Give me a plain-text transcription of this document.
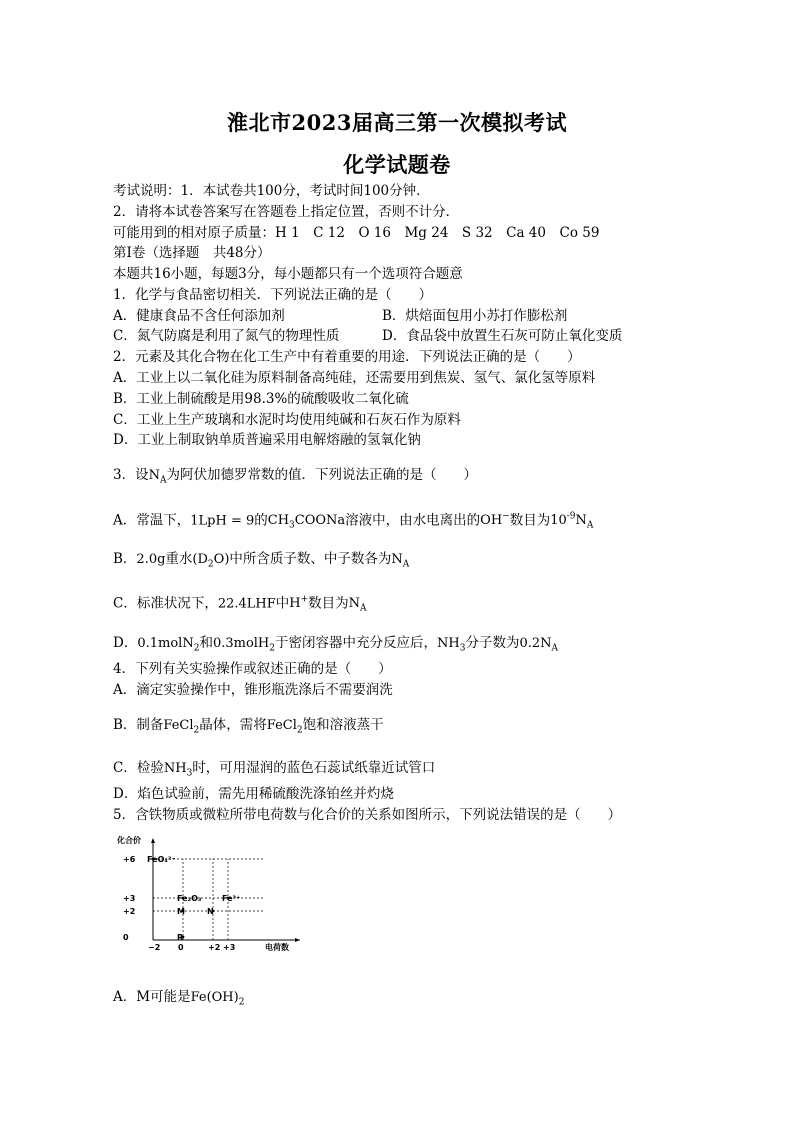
淮北市2023届高三第一次模拟考试
化学试题卷
考试说明：1．本试卷共100分，考试时间100分钟．
2．请将本试卷答案写在答题卷上指定位置，否则不计分．
可能用到的相对原子质量：H 1　C 12　O 16　Mg 24　S 32　Ca 40　Co 59
第Ⅰ卷（选择题　共48分）
本题共16小题，每题3分，每小题都只有一个选项符合题意
1．化学与食品密切相关．下列说法正确的是（　　）
A．健康食品不含任何添加剂	B．烘焙面包用小苏打作膨松剂
C．氮气防腐是利用了氮气的物理性质	D．食品袋中放置生石灰可防止氧化变质
2．元素及其化合物在化工生产中有着重要的用途．下列说法正确的是（　　）
A．工业上以二氧化硅为原料制备高纯硅，还需要用到焦炭、氢气、氯化氢等原料
B．工业上制硫酸是用98.3%的硫酸吸收二氧化硫
C．工业上生产玻璃和水泥时均使用纯碱和石灰石作为原料
D．工业上制取钠单质普遍采用电解熔融的氢氧化钠
3．设$N_A$为阿伏加德罗常数的值．下列说法正确的是（　　）
A．常温下，1LpH = 9的$CH_3COONa$溶液中，由水电离出的OH−数目为$10^{-9}N_A$
B．2.0g重水$(D_2O)$中所含质子数、中子数各为$N_A$
C．标准状况下，22.4LHF中H+数目为$N_A$
D．0.1molN$_2$和0.3molH$_2$于密闭容器中充分反应后，$NH_3$分子数为$0.2N_A$
4．下列有关实验操作或叙述正确的是（　　）
A．滴定实验操作中，锥形瓶洗涤后不需要润洗
B．制备FeCl$_2$晶体，需将FeCl$_2$饱和溶液蒸干
C．检验$NH_3$时，可用湿润的蓝色石蕊试纸靠近试管口
D．焰色试验前，需先用稀硫酸洗涤铂丝并灼烧
5．含铁物质或微粒所带电荷数与化合价的关系如图所示，下列说法错误的是（　　）
化合价
电荷数
+6
+3
+2
0
−2 0	+2 +3
FeO₄²⁻
Fe₂O₃
M
R
Fe³⁺
N
A．M可能是$Fe(OH)_2$
